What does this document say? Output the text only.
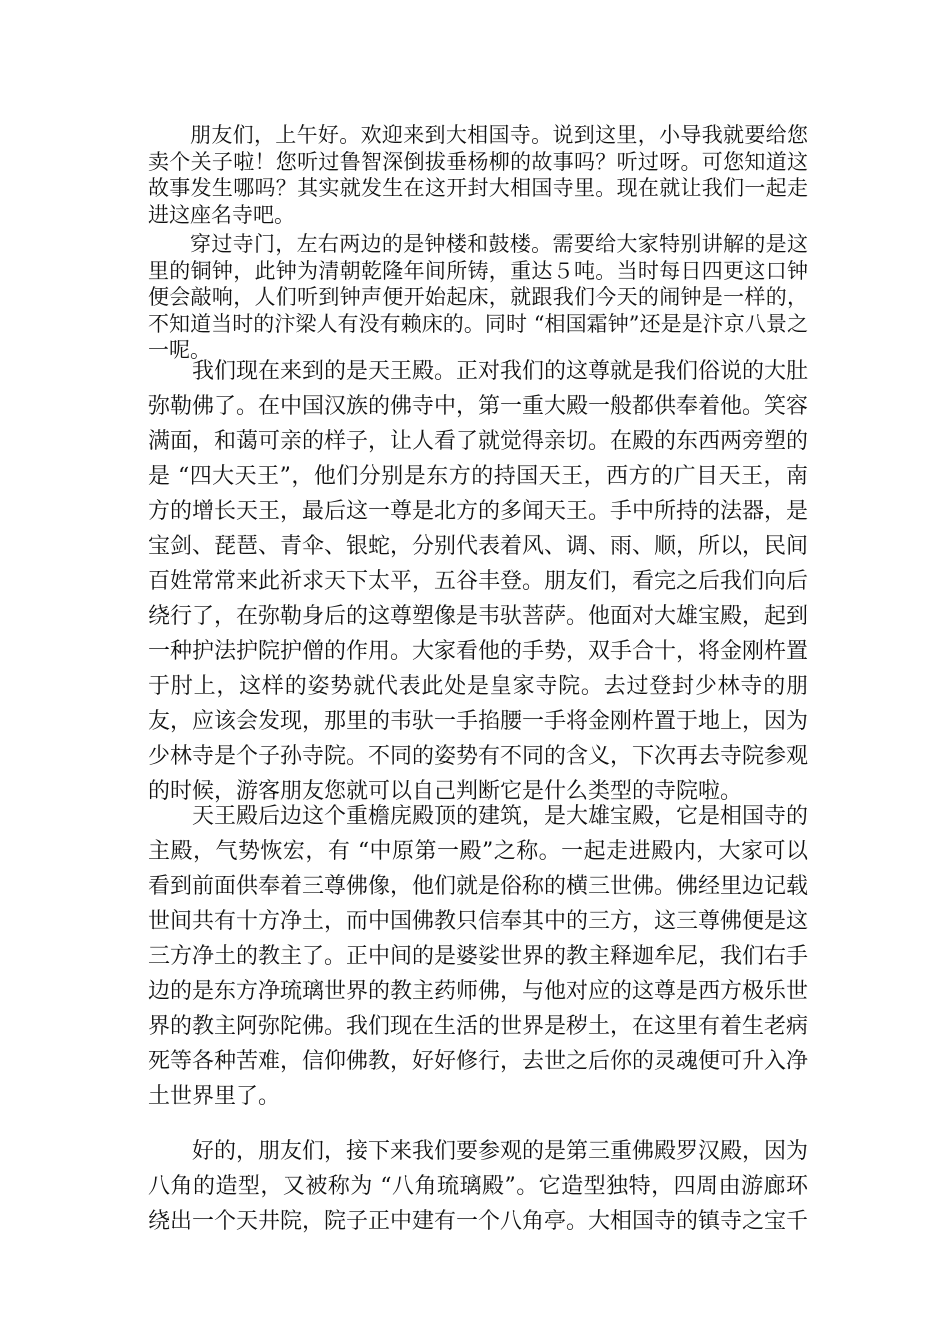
朋友们，上午好。欢迎来到大相国寺。说到这里，小导我就要给您卖个关子啦！您听过鲁智深倒拔垂杨柳的故事吗？听过呀。可您知道这故事发生哪吗？其实就发生在这开封大相国寺里。现在就让我们一起走进这座名寺吧。

穿过寺门，左右两边的是钟楼和鼓楼。需要给大家特别讲解的是这里的铜钟，此钟为清朝乾隆年间所铸，重达５吨。当时每日四更这口钟便会敲响，人们听到钟声便开始起床，就跟我们今天的闹钟是一样的，不知道当时的汴梁人有没有赖床的。同时 “相国霜钟”还是是汴京八景之一呢。

我们现在来到的是天王殿。正对我们的这尊就是我们俗说的大肚弥勒佛了。在中国汉族的佛寺中，第一重大殿一般都供奉着他。笑容满面，和蔼可亲的样子，让人看了就觉得亲切。在殿的东西两旁塑的是 “四大天王”，他们分别是东方的持国天王，西方的广目天王，南方的增长天王，最后这一尊是北方的多闻天王。手中所持的法器，是宝剑、琵琶、青伞、银蛇，分别代表着风、调、雨、顺，所以，民间百姓常常来此祈求天下太平，五谷丰登。朋友们，看完之后我们向后绕行了，在弥勒身后的这尊塑像是韦驮菩萨。他面对大雄宝殿，起到一种护法护院护僧的作用。大家看他的手势，双手合十，将金刚杵置于肘上，这样的姿势就代表此处是皇家寺院。去过登封少林寺的朋友，应该会发现，那里的韦驮一手掐腰一手将金刚杵置于地上，因为少林寺是个子孙寺院。不同的姿势有不同的含义，下次再去寺院参观的时候，游客朋友您就可以自己判断它是什么类型的寺院啦。

天王殿后边这个重檐庑殿顶的建筑，是大雄宝殿，它是相国寺的主殿，气势恢宏，有 “中原第一殿”之称。一起走进殿内，大家可以看到前面供奉着三尊佛像，他们就是俗称的横三世佛。佛经里边记载世间共有十方净土，而中国佛教只信奉其中的三方，这三尊佛便是这三方净土的教主了。正中间的是婆娑世界的教主释迦牟尼，我们右手边的是东方净琉璃世界的教主药师佛，与他对应的这尊是西方极乐世界的教主阿弥陀佛。我们现在生活的世界是秽土，在这里有着生老病死等各种苦难，信仰佛教，好好修行，去世之后你的灵魂便可升入净土世界里了。

好的，朋友们，接下来我们要参观的是第三重佛殿罗汉殿，因为八角的造型，又被称为 “八角琉璃殿”。它造型独特，四周由游廊环绕出一个天井院，院子正中建有一个八角亭。大相国寺的镇寺之宝千
